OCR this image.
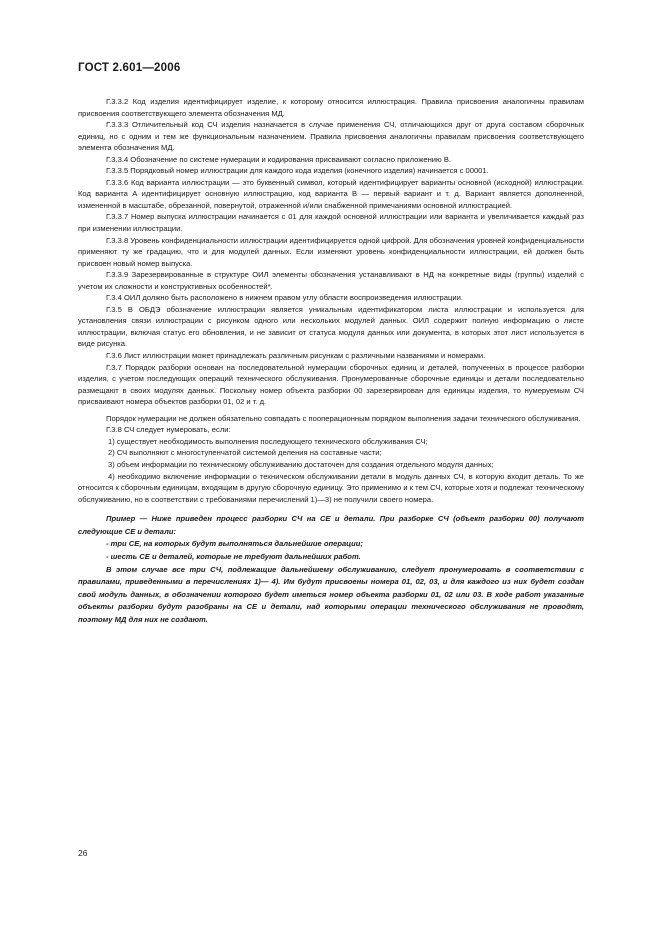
ГОСТ 2.601—2006

Г.3.3.2 Код изделия идентифицирует изделие, к которому относится иллюстрация. Правила присвоения аналогичны правилам присвоения соответствующего элемента обозначения МД.

Г.3.3.3 Отличительный код СЧ изделия назначается в случае применения СЧ, отличающихся друг от друга составом сборочных единиц, но с одним и тем же функциональным назначением. Правила присвоения аналогичны правилам присвоения соответствующего элемента обозначения МД.

Г.3.3.4 Обозначение по системе нумерации и кодирования присваивают согласно приложению В.

Г.3.3.5 Порядковый номер иллюстрации для каждого кода изделия (конечного изделия) начинается с 00001.

Г.3.3.6 Код варианта иллюстрации — это буквенный символ, который идентифицирует варианты основной (исходной) иллюстрации. Код варианта А идентифицирует основную иллюстрацию, код варианта В — первый вариант и т. д. Вариант является дополненной, измененной в масштабе, обрезанной, повернутой, отраженной и/или снабженной примечаниями основной иллюстрацией.

Г.3.3.7 Номер выпуска иллюстрации начинается с 01 для каждой основной иллюстрации или варианта и увеличивается каждый раз при изменении иллюстрации.

Г.3.3.8 Уровень конфиденциальности иллюстрации идентифицируется одной цифрой. Для обозначения уровней конфиденциальности применяют ту же градацию, что и для модулей данных. Если изменяют уровень конфиденциальности иллюстрации, ей должен быть присвоен новый номер выпуска.

Г.3.3.9 Зарезервированные в структуре ОИЛ элементы обозначения устанавливают в НД на конкретные виды (группы) изделий с учетом их сложности и конструктивных особенностей*.

Г.3.4 ОИЛ должно быть расположено в нижнем правом углу области воспроизведения иллюстрации.

Г.3.5 В ОБДЭ обозначение иллюстрации является уникальным идентификатором листа иллюстрации и используется для установления связи иллюстрации с рисунком одного или нескольких модулей данных. ОИЛ содержит полную информацию о листе иллюстрации, включая статус его обновления, и не зависит от статуса модуля данных или документа, в которых этот лист используется в виде рисунка.

Г.3.6 Лист иллюстрации может принадлежать различным рисункам с различными названиями и номерами.

Г.3.7 Порядок разборки основан на последовательной нумерации сборочных единиц и деталей, полученных в процессе разборки изделия, с учетом последующих операций технического обслуживания. Пронумерованные сборочные единицы и детали последовательно размещают в своих модулях данных. Поскольку номер объекта разборки 00 зарезервирован для единицы изделия, то нумеруемым СЧ присваивают номера объектов разборки 01, 02 и т. д.

Порядок нумерации не должен обязательно совпадать с пооперационным порядком выполнения задачи технического обслуживания.

Г.3.8 СЧ следует нумеровать, если:

1) существует необходимость выполнения последующего технического обслуживания СЧ;

2) СЧ выполняют с многоступенчатой системой деления на составные части;

3) объем информации по техническому обслуживанию достаточен для создания отдельного модуля данных;

4) необходимо включение информации о техническом обслуживании детали в модуль данных СЧ, в которую входит деталь. То же относится к сборочным единицам, входящим в другую сборочную единицу. Это применимо и к тем СЧ, которые хотя и подлежат техническому обслуживанию, но в соответствии с требованиями перечислений 1)—3) не получили своего номера.

Пример — Ниже приведен процесс разборки СЧ на СЕ и детали. При разборке СЧ (объект разборки 00) получают следующие СЕ и детали:

- три СЕ, на которых будут выполняться дальнейшие операции;

- шесть СЕ и деталей, которые не требуют дальнейших работ.

В этом случае все три СЧ, подлежащие дальнейшему обслуживанию, следует пронумеровать в соответствии с правилами, приведенными в перечислениях 1)— 4). Им будут присвоены номера 01, 02, 03, и для каждого из них будет создан свой модуль данных, в обозначении которого будет иметься номер объекта разборки 01, 02 или 03. В ходе работ указанные объекты разборки будут разобраны на СЕ и детали, над которыми операции технического обслуживания не проводят, поэтому МД для них не создают.

26
